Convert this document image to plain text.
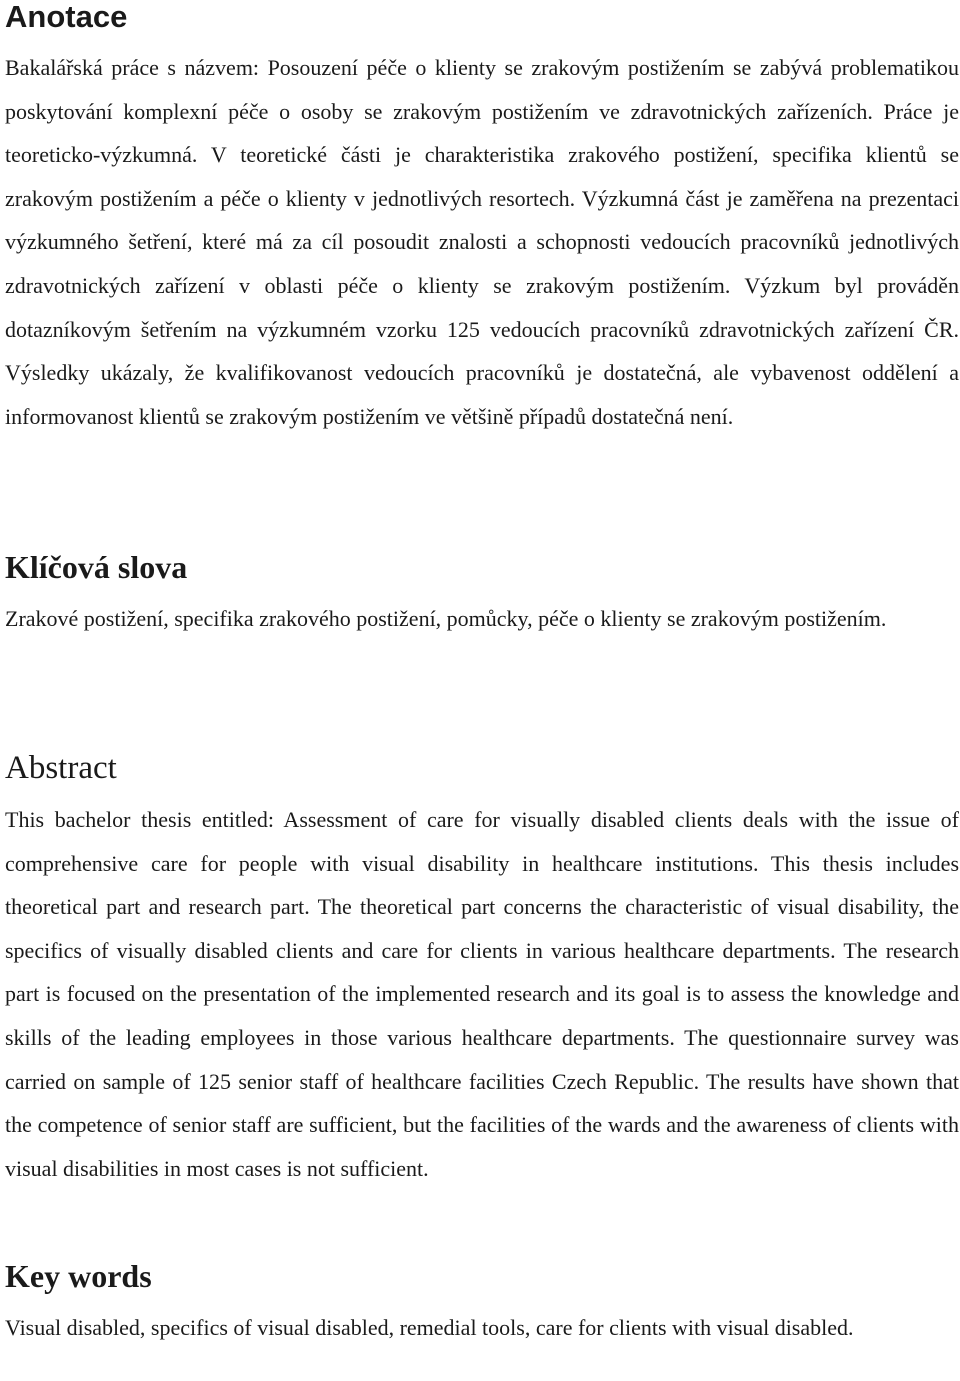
Anotace

Bakalářská práce s názvem: Posouzení péče o klienty se zrakovým postižením se zabývá problematikou poskytování komplexní péče o osoby se zrakovým postižením ve zdravotnických zařízeních. Práce je teoreticko-výzkumná. V teoretické části je charakteristika zrakového postižení, specifika klientů se zrakovým postižením a péče o klienty v jednotlivých resortech. Výzkumná část je zaměřena na prezentaci výzkumného šetření, které má za cíl posoudit znalosti a schopnosti vedoucích pracovníků jednotlivých zdravotnických zařízení v oblasti péče o klienty se zrakovým postižením. Výzkum byl prováděn dotazníkovým šetřením na výzkumném vzorku 125 vedoucích pracovníků zdravotnických zařízení ČR. Výsledky ukázaly, že kvalifikovanost vedoucích pracovníků je dostatečná, ale vybavenost oddělení a informovanost klientů se zrakovým postižením ve většině případů dostatečná není.

Klíčová slova

Zrakové postižení, specifika zrakového postižení, pomůcky, péče o klienty se zrakovým postižením.

Abstract

This bachelor thesis entitled: Assessment of care for visually disabled clients deals with the issue of comprehensive care for people with visual disability in healthcare institutions. This thesis includes theoretical part and research part. The theoretical part concerns the characteristic of visual disability, the specifics of visually disabled clients and care for clients in various healthcare departments. The research part is focused on the presentation of the implemented research and its goal is to assess the knowledge and skills of the leading employees in those various healthcare departments. The questionnaire survey was carried on sample of 125 senior staff of healthcare facilities Czech Republic. The results have shown that the competence of senior staff are sufficient, but the facilities of the wards and the awareness of clients with visual disabilities in most cases is not sufficient.

Key words

Visual disabled, specifics of visual disabled, remedial tools, care for clients with visual disabled.
